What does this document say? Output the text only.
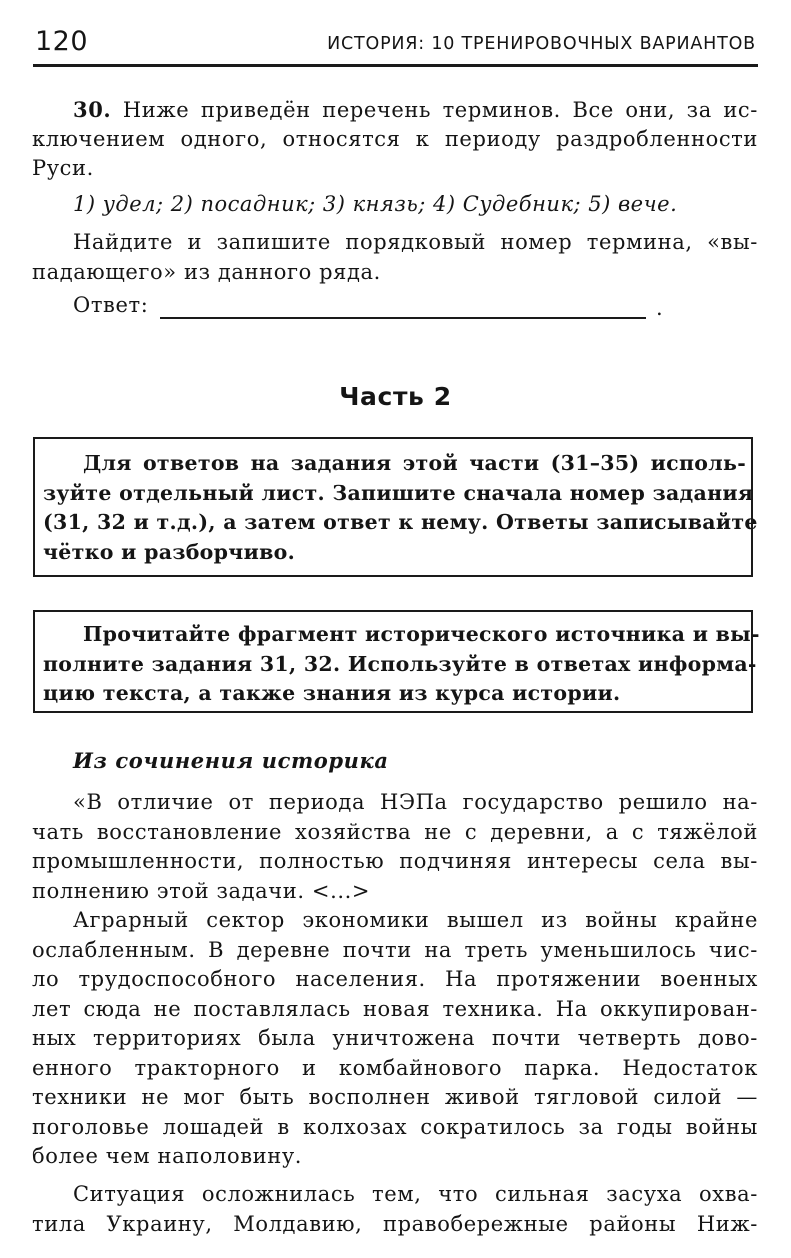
120	ИСТОРИЯ: 10 ТРЕНИРОВОЧНЫХ ВАРИАНТОВ
30. Ниже приведён перечень терминов. Все они, за ис-
ключением одного, относятся к периоду раздробленности
Руси.
1) удел; 2) посадник; 3) князь; 4) Судебник; 5) вече.
Найдите и запишите порядковый номер термина, «вы-
падающего» из данного ряда.
Ответ:	.
Часть 2
Для ответов на задания этой части (31–35) исполь-
зуйте отдельный лист. Запишите сначала номер задания
(31, 32 и т.д.), а затем ответ к нему. Ответы записывайте
чётко и разборчиво.
Прочитайте фрагмент исторического источника и вы-
полните задания 31, 32. Используйте в ответах информа-
цию текста, а также знания из курса истории.
Из сочинения историка
«В отличие от периода НЭПа государство решило на-
чать восстановление хозяйства не с деревни, а с тяжёлой
промышленности, полностью подчиняя интересы села вы-
полнению этой задачи. <...>
Аграрный сектор экономики вышел из войны крайне
ослабленным. В деревне почти на треть уменьшилось чис-
ло трудоспособного населения. На протяжении военных
лет сюда не поставлялась новая техника. На оккупирован-
ных территориях была уничтожена почти четверть дово-
енного тракторного и комбайнового парка. Недостаток
техники не мог быть восполнен живой тягловой силой —
поголовье лошадей в колхозах сократилось за годы войны
более чем наполовину.
Ситуация осложнилась тем, что сильная засуха охва-
тила Украину, Молдавию, правобережные районы Ниж-
